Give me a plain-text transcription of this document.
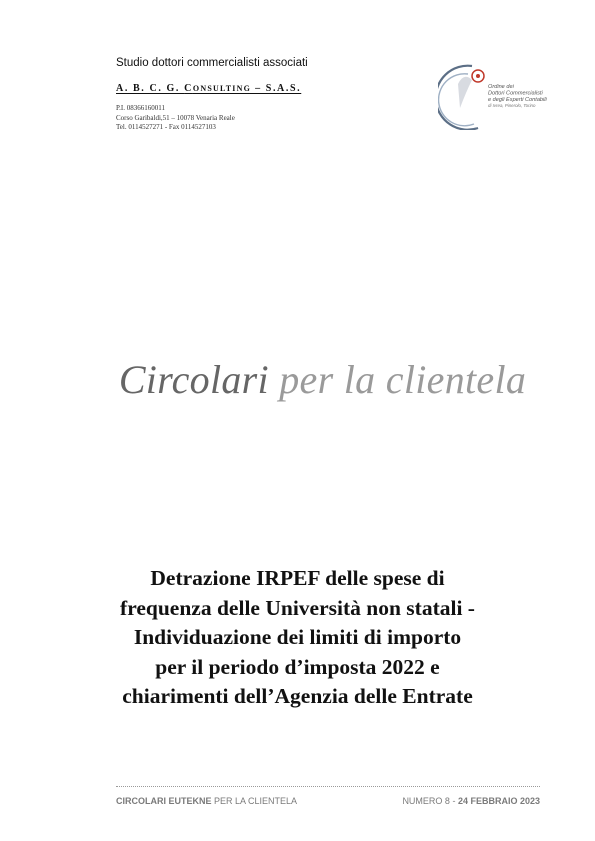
Studio dottori commercialisti associati
A. B. C. G. CONSULTING – S.A.S.
P.I. 08366160011
Corso Garibaldi,51 – 10078 Venaria Reale
Tel. 0114527271 - Fax 0114527103
Ordine dei
Dottori Commercialisti
e degli Esperti Contabili
di Ivrea, Pinerolo, Torino
Circolari per la clientela
Detrazione IRPEF delle spese di
frequenza delle Università non statali -
Individuazione dei limiti di importo
per il periodo d’imposta 2022 e
chiarimenti dell’Agenzia delle Entrate
CIRCOLARI EUTEKNE PER LA CLIENTELA	NUMERO 8 - 24 FEBBRAIO 2023
